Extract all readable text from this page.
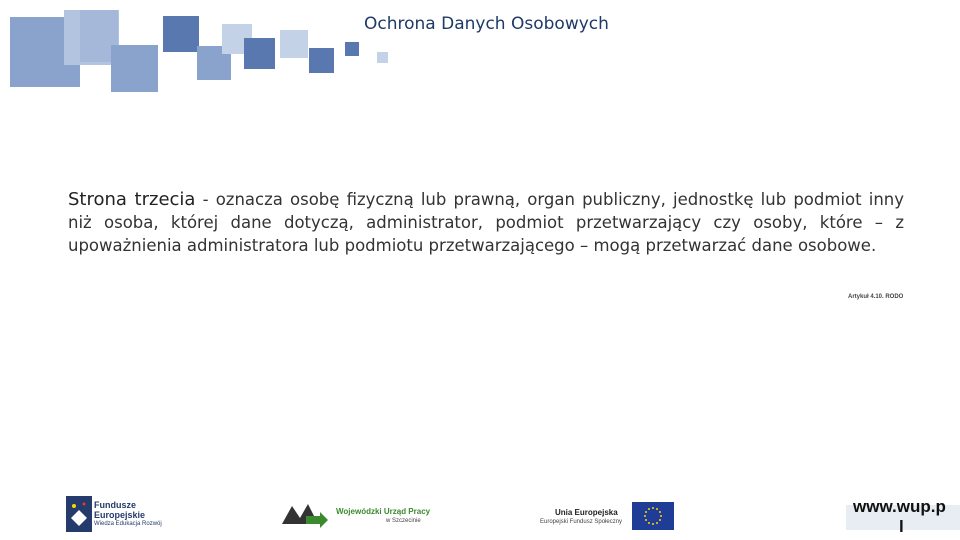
Ochrona Danych Osobowych
Strona trzecia - oznacza osobę fizyczną lub prawną, organ publiczny, jednostkę lub podmiot inny niż osoba, której dane dotyczą, administrator, podmiot przetwarzający czy osoby, które – z upoważnienia administratora lub podmiotu przetwarzającego – mogą przetwarzać dane osobowe.
Artykuł 4.10. RODO
Fundusze Europejskie
Wiedza Edukacja Rozwój
Wojewódzki Urząd Pracy
w Szczecinie
Unia Europejska
Europejski Fundusz Społeczny
www.wup.p
l
